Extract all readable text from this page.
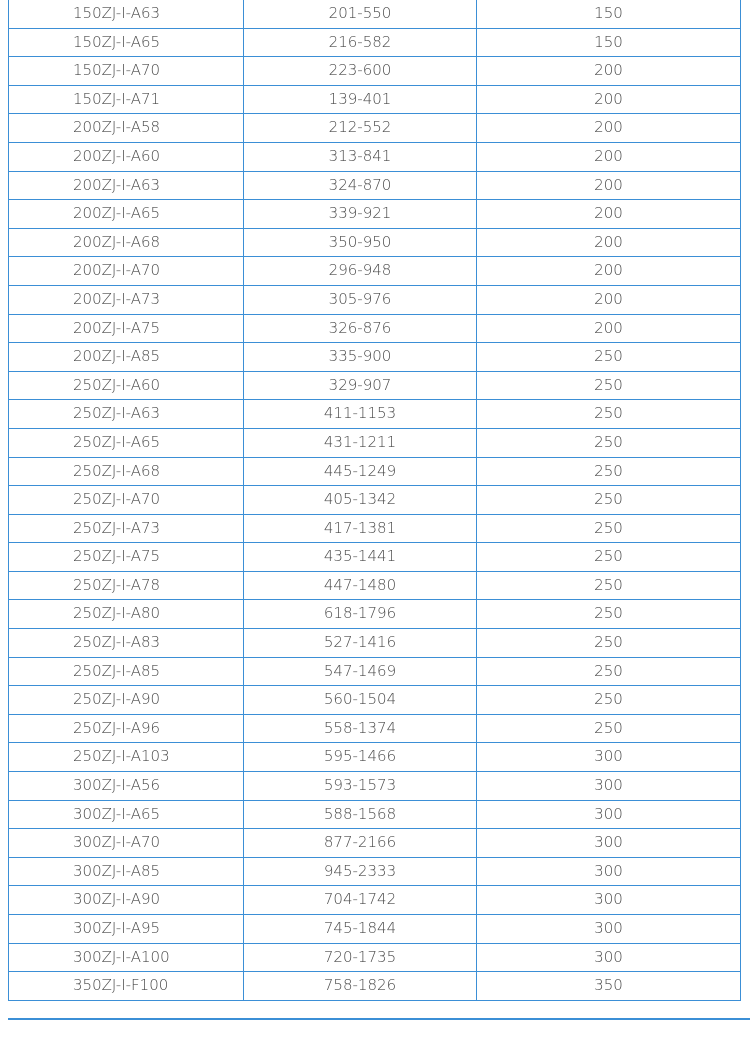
150ZJ-I-A63	201-550	150
150ZJ-I-A65	216-582	150
150ZJ-I-A70	223-600	200
150ZJ-I-A71	139-401	200
200ZJ-I-A58	212-552	200
200ZJ-I-A60	313-841	200
200ZJ-I-A63	324-870	200
200ZJ-I-A65	339-921	200
200ZJ-I-A68	350-950	200
200ZJ-I-A70	296-948	200
200ZJ-I-A73	305-976	200
200ZJ-I-A75	326-876	200
200ZJ-I-A85	335-900	250
250ZJ-I-A60	329-907	250
250ZJ-I-A63	411-1153	250
250ZJ-I-A65	431-1211	250
250ZJ-I-A68	445-1249	250
250ZJ-I-A70	405-1342	250
250ZJ-I-A73	417-1381	250
250ZJ-I-A75	435-1441	250
250ZJ-I-A78	447-1480	250
250ZJ-I-A80	618-1796	250
250ZJ-I-A83	527-1416	250
250ZJ-I-A85	547-1469	250
250ZJ-I-A90	560-1504	250
250ZJ-I-A96	558-1374	250
250ZJ-I-A103	595-1466	300
300ZJ-I-A56	593-1573	300
300ZJ-I-A65	588-1568	300
300ZJ-I-A70	877-2166	300
300ZJ-I-A85	945-2333	300
300ZJ-I-A90	704-1742	300
300ZJ-I-A95	745-1844	300
300ZJ-I-A100	720-1735	300
350ZJ-I-F100	758-1826	350
